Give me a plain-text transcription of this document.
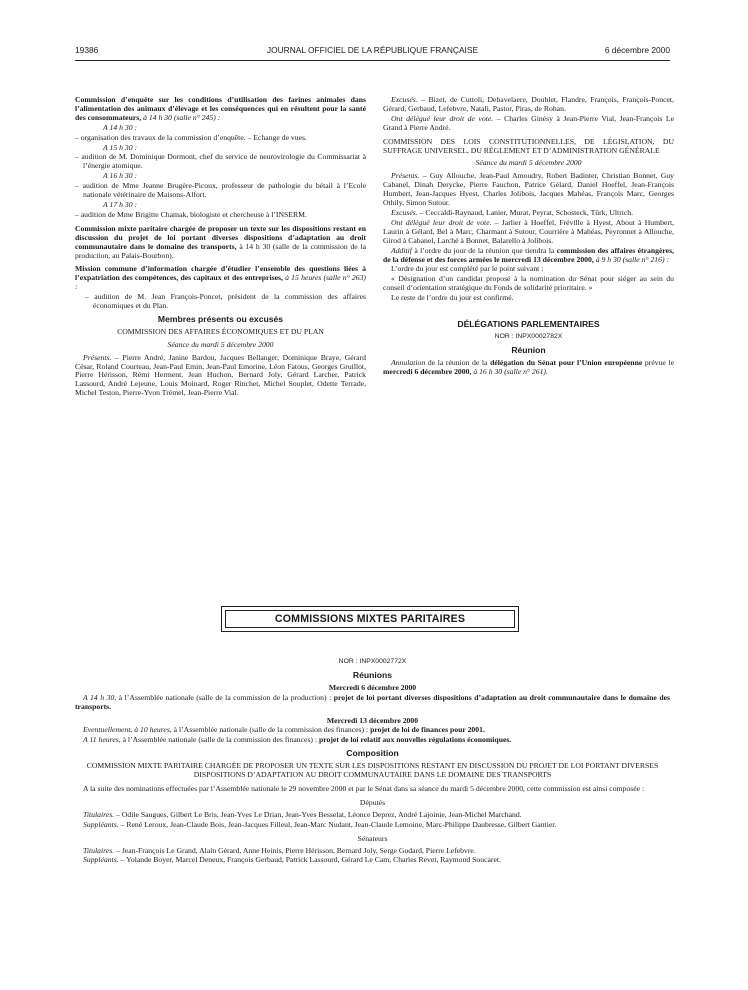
19386	JOURNAL OFFICIEL DE LA RÉPUBLIQUE FRANÇAISE	6 décembre 2000

Commission d’enquête sur les conditions d’utilisation des farines animales dans l’alimentation des animaux d’élevage et les conséquences qui en résultent pour la santé des consommateurs, à 14 h 30 (salle n° 245) :

A 14 h 30 :

– organisation des travaux de la commission d’enquête. – Echange de vues.

A 15 h 30 :

– audition de M. Dominique Dormont, chef du service de neurovirologie du Commissariat à l’énergie atomique.

A 16 h 30 :

– audition de Mme Jeanne Brugère-Picoux, professeur de pathologie du bétail à l’Ecole nationale vétérinaire de Maisons-Alfort.

A 17 h 30 :

– audition de Mme Brigitte Chamak, biologiste et chercheuse à l’INSERM.

Commission mixte paritaire chargée de proposer un texte sur les dispositions restant en discussion du projet de loi portant diverses dispositions d’adaptation au droit communautaire dans le domaine des transports, à 14 h 30 (salle de la commission de la production, au Palais-Bourbon).

Mission commune d’information chargée d’étudier l’ensemble des questions liées à l’expatriation des compétences, des capitaux et des entreprises, à 15 heures (salle n° 263) :

– audition de M. Jean François-Poncet, président de la commission des affaires économiques et du Plan.

Membres présents ou excusés

COMMISSION DES AFFAIRES ÉCONOMIQUES ET DU PLAN

Séance du mardi 5 décembre 2000

Présents. – Pierre André, Janine Bardou, Jacques Bellanger, Dominique Braye, Gérard César, Roland Courteau, Jean-Paul Emin, Jean-Paul Emorine, Léon Fatous, Georges Gruillot, Pierre Hérisson, Rémi Herment, Jean Huchon, Bernard Joly, Gérard Larcher, Patrick Lassourd, André Lejeune, Louis Moinard, Roger Rinchet, Michel Souplet, Odette Terrade, Michel Teston, Pierre-Yvon Trémel, Jean-Pierre Vial.

Excusés. – Bizet, de Cuttoli, Debavelaere, Doublet, Flandre, François, François-Poncet, Gérard, Gerbaud, Lefebvre, Natali, Pastor, Piras, de Rohan.

Ont délégué leur droit de vote. – Charles Ginésy à Jean-Pierre Vial, Jean-François Le Grand à Pierre André.

COMMISSION DES LOIS CONSTITUTIONNELLES, DE LÉGISLATION, DU SUFFRAGE UNIVERSEL, DU RÈGLEMENT ET D’ADMINISTRATION GÉNÉRALE

Séance du mardi 5 décembre 2000

Présents. – Guy Allouche, Jean-Paul Amoudry, Robert Badinter, Christian Bonnet, Guy Cabanel, Dinah Derycke, Pierre Fauchon, Patrice Gélard, Daniel Hoeffel, Jean-François Humbert, Jean-Jacques Hyest, Charles Jolibois, Jacques Mahéas, François Marc, Georges Othily, Simon Sutour.

Excusés. – Ceccaldi-Raynaud, Lanier, Murat, Peyrat, Schosteck, Türk, Ultrich.

Ont délégué leur droit de vote. – Jarlier à Hoeffel, Fréville à Hyest, About à Humbert, Laurin à Gélard, Bel à Marc, Charmant à Sutour, Courrière à Mahéas, Peyronnet à Allouche, Girod à Cabanel, Larché à Bonnet, Balarello à Jolibois.

Additif à l’ordre du jour de la réunion que tiendra la commission des affaires étrangères, de la défense et des forces armées le mercredi 13 décembre 2000, à 9 h 30 (salle n° 216) :

L’ordre du jour est complété par le point suivant :

« Désignation d’un candidat proposé à la nomination du Sénat pour siéger au sein du conseil d’orientation stratégique du Fonds de solidarité prioritaire. »

Le reste de l’ordre du jour est confirmé.

DÉLÉGATIONS PARLEMENTAIRES
NOR : INPX0002782X
Réunion

Annulation de la réunion de la délégation du Sénat pour l’Union européenne prévue le mercredi 6 décembre 2000, à 16 h 30 (salle n° 261).

COMMISSIONS MIXTES PARITAIRES
NOR : INPX0002772X
Réunions

Mercredi 6 décembre 2000

A 14 h 30, à l’Assemblée nationale (salle de la commission de la production) : projet de loi portant diverses dispositions d’adaptation au droit communautaire dans le domaine des transports.

Mercredi 13 décembre 2000

Eventuellement, à 10 heures, à l’Assemblée nationale (salle de la commission des finances) : projet de loi de finances pour 2001.

A 11 heures, à l’Assemblée nationale (salle de la commission des finances) : projet de loi relatif aux nouvelles régulations économiques.

Composition

COMMISSION MIXTE PARITAIRE CHARGÉE DE PROPOSER UN TEXTE SUR LES DISPOSITIONS RESTANT EN DISCUSSION DU PROJET DE LOI PORTANT DIVERSES DISPOSITIONS D’ADAPTATION AU DROIT COMMUNAUTAIRE DANS LE DOMAINE DES TRANSPORTS

A la suite des nominations effectuées par l’Assemblée nationale le 29 novembre 2000 et par le Sénat dans sa séance du mardi 5 décembre 2000, cette commission est ainsi composée :

Députés

Titulaires. – Odile Saugues, Gilbert Le Bris, Jean-Yves Le Drian, Jean-Yves Besselat, Léonce Deprez, André Lajoinie, Jean-Michel Marchand.

Suppléants. – René Leroux, Jean-Claude Bois, Jean-Jacques Filleul, Jean-Marc Nudant, Jean-Claude Lemoine, Marc-Philippe Daubresse, Gilbert Gantier.

Sénateurs

Titulaires. – Jean-François Le Grand, Alain Gérard, Anne Heinis, Pierre Hérisson, Bernard Joly, Serge Godard, Pierre Lefebvre.

Suppléants. – Yolande Boyer, Marcel Deneux, François Gerbaud, Patrick Lassourd, Gérard Le Cam, Charles Revet, Raymond Soucaret.
